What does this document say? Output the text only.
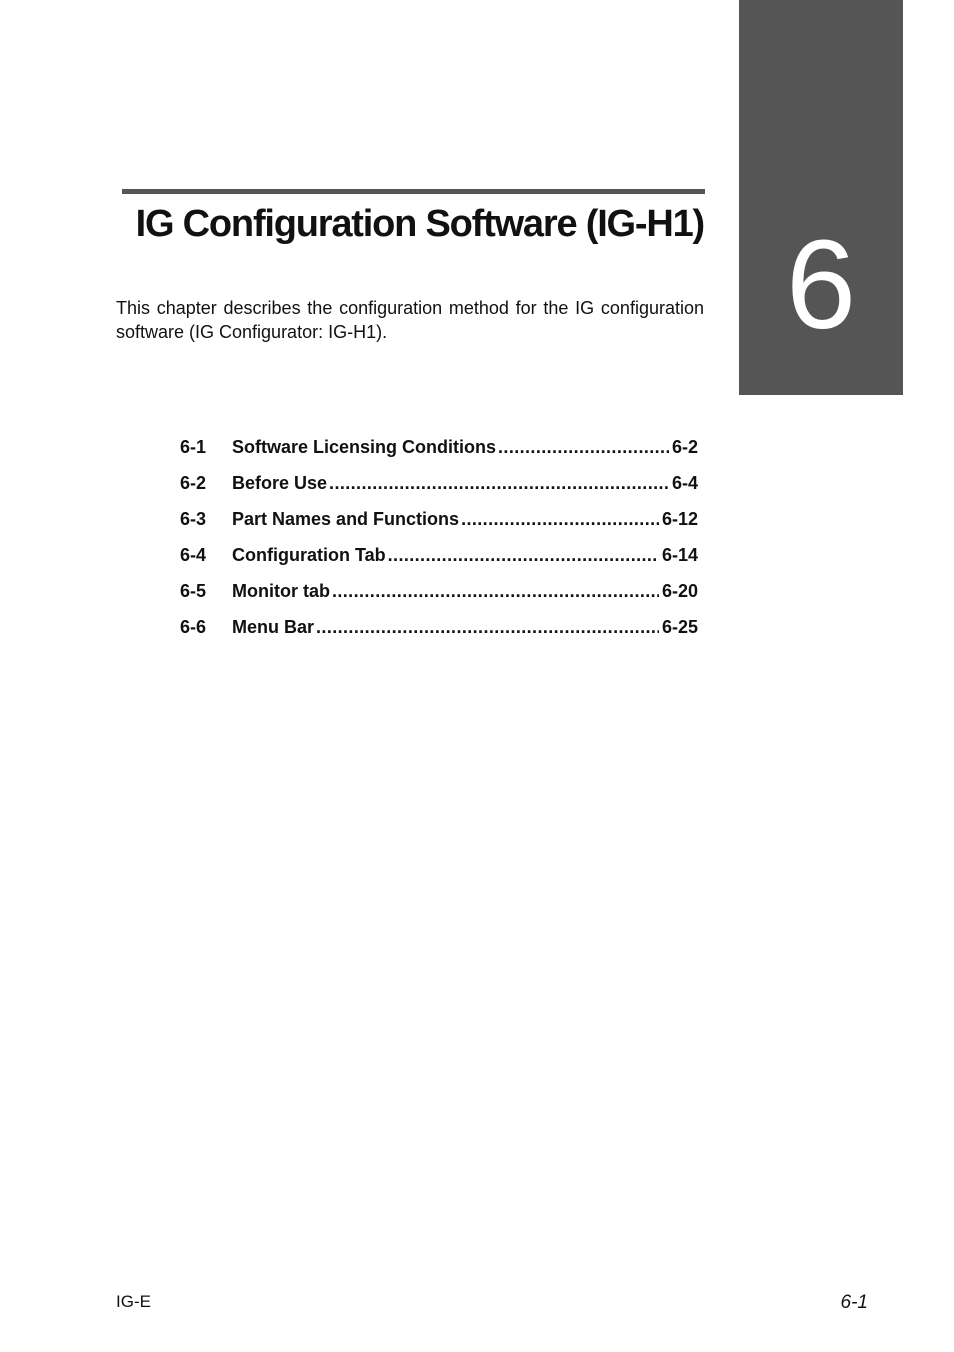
6
IG Configuration Software (IG-H1)

This chapter describes the configuration method for the IG configuration software (IG Configurator: IG-H1).

6-1	Software Licensing Conditions .....	6-2
6-2	Before Use .....	6-4
6-3	Part Names and Functions .....	6-12
6-4	Configuration Tab .....	6-14
6-5	Monitor tab .....	6-20
6-6	Menu Bar .....	6-25
IG-E	6-1
